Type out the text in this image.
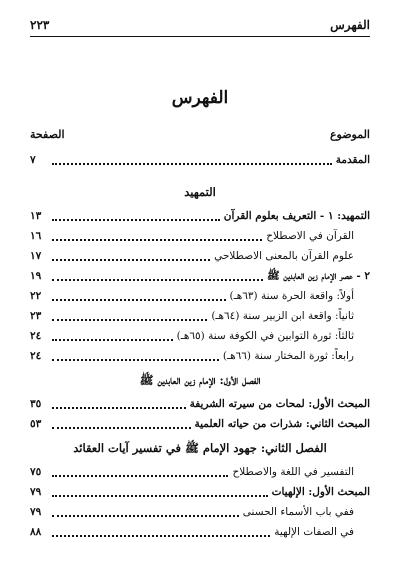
٢٢٣	الفهرس
الفهرس
الصفحة	الموضوع
المقدمة
٧
التمهيد
التمهيد: ١ - التعريف بعلوم القرآن
١٣
القرآن في الاصطلاح
١٦
علوم القرآن بالمعنى الاصطلاحي
١٧
٢ - عصر الإمام زين العابدين ﷺ
١٩
أولاً: واقعة الحرة سنة (٦٣هـ)
٢٢
ثانياً: واقعة ابن الزبير سنة (٦٤هـ)
٢٣
ثالثاً: ثورة التوابين في الكوفة سنة (٦٥هـ)
٢٤
رابعاً: ثورة المختار سنة (٦٦هـ)
٢٤
الفصل الأول: الإمام زين العابدين ﷺ
المبحث الأول: لمحات من سيرته الشريفة
٣٥
المبحث الثاني: شذرات من حياته العلمية
٥٣
الفصل الثاني: جهود الإمام ﷺ في تفسير آيات العقائد
التفسير في اللغة والاصطلاح
٧٥
المبحث الأول: الإلهيات
٧٩
ففي باب الأسماء الحسنى
٧٩
في الصفات الإلهية
٨٨
